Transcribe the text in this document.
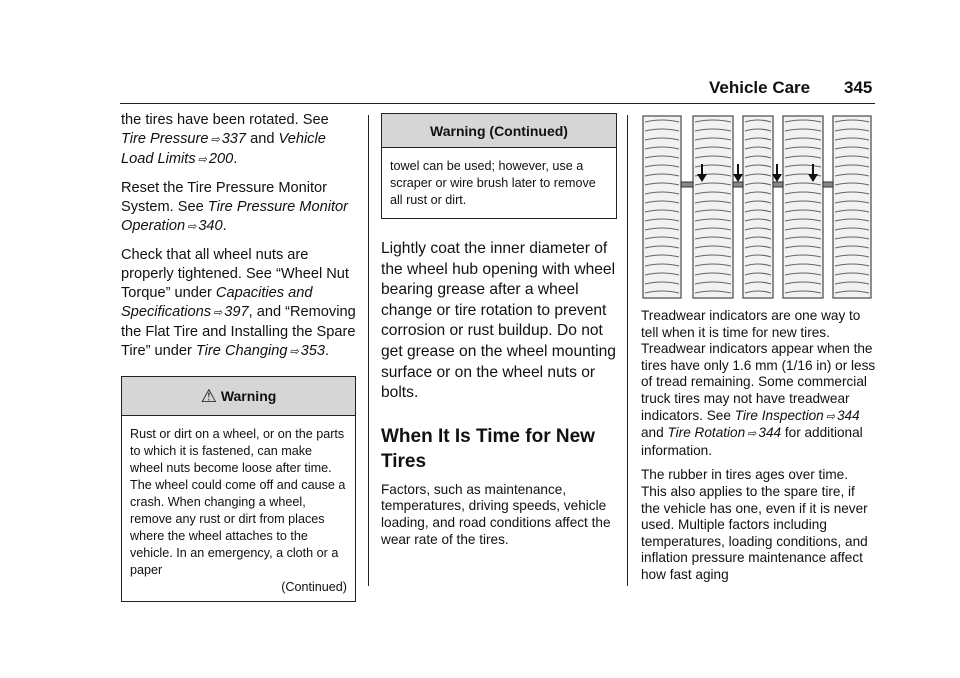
Vehicle Care 345

the tires have been rotated. See Tire Pressure ⇨ 337 and Vehicle Load Limits ⇨ 200.

Reset the Tire Pressure Monitor System. See Tire Pressure Monitor Operation ⇨ 340.

Check that all wheel nuts are properly tightened. See “Wheel Nut Torque” under Capacities and Specifications ⇨ 397, and “Removing the Flat Tire and Installing the Spare Tire” under Tire Changing ⇨ 353.

⚠ Warning
Rust or dirt on a wheel, or on the parts to which it is fastened, can make wheel nuts become loose after time. The wheel could come off and cause a crash. When changing a wheel, remove any rust or dirt from places where the wheel attaches to the vehicle. In an emergency, a cloth or a paper
(Continued)
Warning (Continued)
towel can be used; however, use a scraper or wire brush later to remove all rust or dirt.

Lightly coat the inner diameter of the wheel hub opening with wheel bearing grease after a wheel change or tire rotation to prevent corrosion or rust buildup. Do not get grease on the wheel mounting surface or on the wheel nuts or bolts.

When It Is Time for New Tires

Factors, such as maintenance, temperatures, driving speeds, vehicle loading, and road conditions affect the wear rate of the tires.

Treadwear indicators are one way to tell when it is time for new tires. Treadwear indicators appear when the tires have only 1.6 mm (1/16 in) or less of tread remaining. Some commercial truck tires may not have treadwear indicators. See Tire Inspection ⇨ 344 and Tire Rotation ⇨ 344 for additional information.

The rubber in tires ages over time. This also applies to the spare tire, if the vehicle has one, even if it is never used. Multiple factors including temperatures, loading conditions, and inflation pressure maintenance affect how fast aging
